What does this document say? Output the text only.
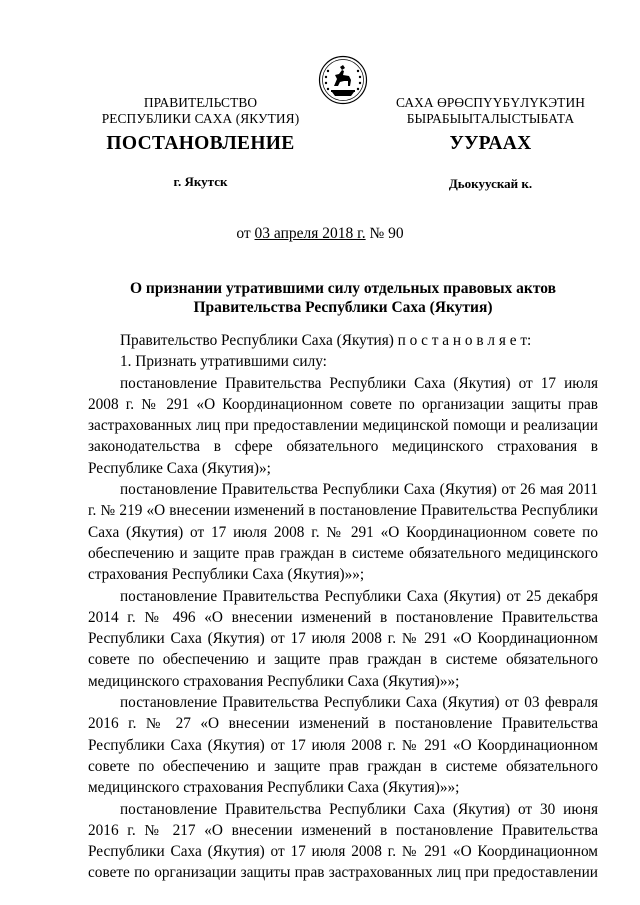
ПРАВИТЕЛЬСТВО
РЕСПУБЛИКИ САХА (ЯКУТИЯ)
САХА ӨРӨСПҮҮБҮЛҮКЭТИН
БЫРАБЫЫТАЛЫСТЫБАТА
ПОСТАНОВЛЕНИЕ	УУРААХ
г. Якутск	Дьокуускай к.
от 03 апреля 2018 г. № 90
О признании утратившими силу отдельных правовых актов
Правительства Республики Саха (Якутия)

Правительство Республики Саха (Якутия) п о с т а н о в л я е т:

1. Признать утратившими силу:

постановление Правительства Республики Саха (Якутия) от 17 июля 2008 г. № 291 «О Координационном совете по организации защиты прав застрахованных лиц при предоставлении медицинской помощи и реализации законодательства в сфере обязательного медицинского страхования в Республике Саха (Якутия)»;

постановление Правительства Республики Саха (Якутия) от 26 мая 2011 г. № 219 «О внесении изменений в постановление Правительства Республики Саха (Якутия) от 17 июля 2008 г. № 291 «О Координационном совете по обеспечению и защите прав граждан в системе обязательного медицинского страхования Республики Саха (Якутия)»»;

постановление Правительства Республики Саха (Якутия) от 25 декабря 2014 г. № 496 «О внесении изменений в постановление Правительства Республики Саха (Якутия) от 17 июля 2008 г. № 291 «О Координационном совете по обеспечению и защите прав граждан в системе обязательного медицинского страхования Республики Саха (Якутия)»»;

постановление Правительства Республики Саха (Якутия) от 03 февраля 2016 г. № 27 «О внесении изменений в постановление Правительства Республики Саха (Якутия) от 17 июля 2008 г. № 291 «О Координационном совете по обеспечению и защите прав граждан в системе обязательного медицинского страхования Республики Саха (Якутия)»»;

постановление Правительства Республики Саха (Якутия) от 30 июня 2016 г. № 217 «О внесении изменений в постановление Правительства Республики Саха (Якутия) от 17 июля 2008 г. № 291 «О Координационном совете по организации защиты прав застрахованных лиц при предоставлении
